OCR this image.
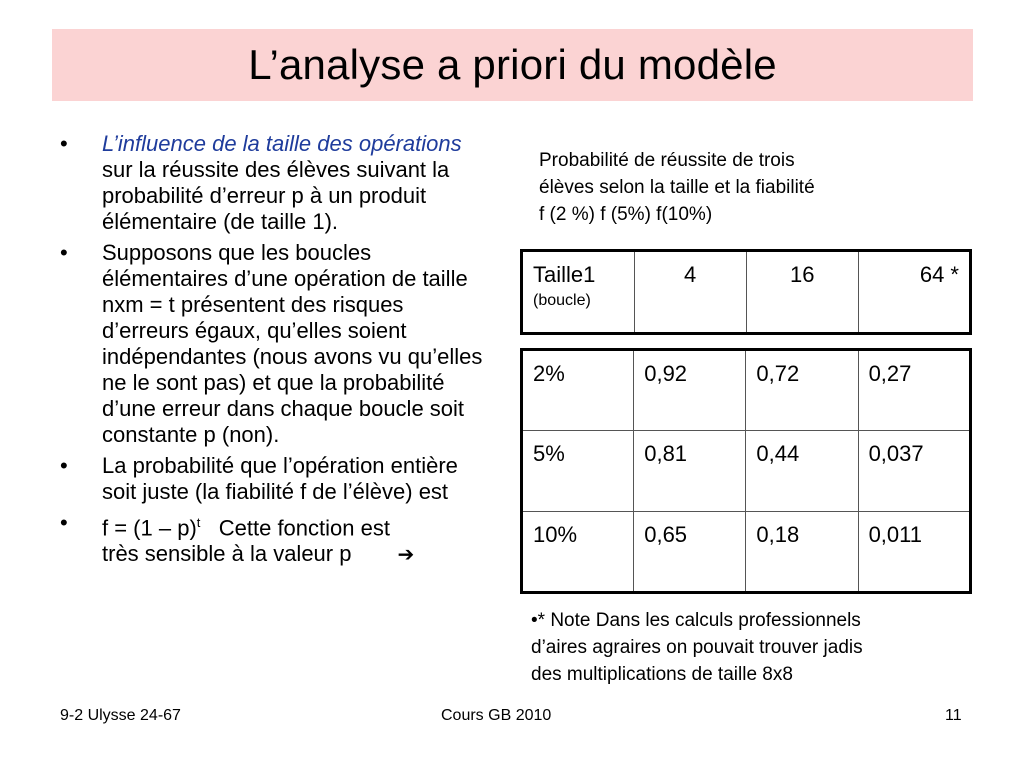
L’analyse a priori du modèle
• L’influence de la taille des opérations sur la réussite des élèves suivant la probabilité d’erreur p à un produit élémentaire (de taille 1).
• Supposons que les boucles élémentaires d’une opération de taille nxm = t présentent des risques d’erreurs égaux, qu’elles soient indépendantes (nous avons vu qu’elles ne le sont pas) et que la probabilité d’une erreur dans chaque boucle soit constante p (non).
• La probabilité que l’opération entière soit juste (la fiabilité f de l’élève) est
• f = (1 – p)$^t$ Cette fonction est
très sensible à la valeur p ➔

Probabilité de réussite de trois

élèves selon la taille et la fiabilité

f (2 %) f (5%) f(10%)

Taille1
(boucle)
	4	16	64 *
2%	0,92	0,72	0,27
5%	0,81	0,44	0,037
10%	0,65	0,18	0,011

•* Note Dans les calculs professionnels

d’aires agraires on pouvait trouver jadis

des multiplications de taille 8x8

9-2 Ulysse 24-67	Cours GB 2010	11
